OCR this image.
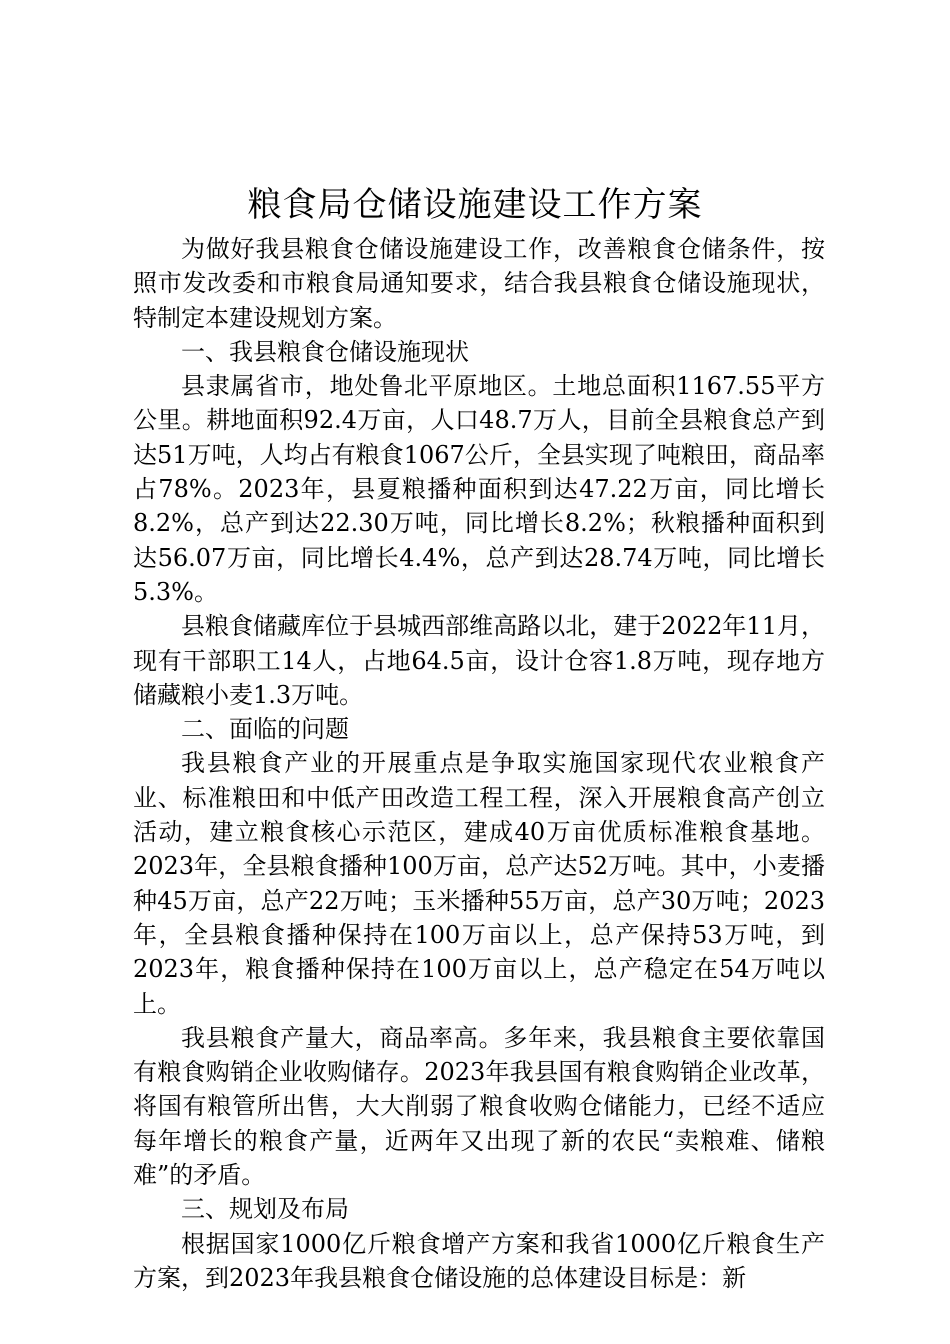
粮食局仓储设施建设工作方案

为做好我县粮食仓储设施建设工作，改善粮食仓储条件，按照市发改委和市粮食局通知要求，结合我县粮食仓储设施现状，特制定本建设规划方案。

一、我县粮食仓储设施现状

县隶属省市，地处鲁北平原地区。土地总面积1167.55平方公里。耕地面积92.4万亩，人口48.7万人，目前全县粮食总产到达51万吨，人均占有粮食1067公斤，全县实现了吨粮田，商品率占78%。2023年，县夏粮播种面积到达47.22万亩，同比增长8.2%，总产到达22.30万吨，同比增长8.2%；秋粮播种面积到达56.07万亩，同比增长4.4%，总产到达28.74万吨，同比增长5.3%。

县粮食储藏库位于县城西部维高路以北，建于2022年11月，现有干部职工14人，占地64.5亩，设计仓容1.8万吨，现存地方储藏粮小麦1.3万吨。

二、面临的问题

我县粮食产业的开展重点是争取实施国家现代农业粮食产业、标准粮田和中低产田改造工程工程，深入开展粮食高产创立活动，建立粮食核心示范区，建成40万亩优质标准粮食基地。2023年，全县粮食播种100万亩，总产达52万吨。其中，小麦播种45万亩，总产22万吨；玉米播种55万亩，总产30万吨；2023年，全县粮食播种保持在100万亩以上，总产保持53万吨，到2023年，粮食播种保持在100万亩以上，总产稳定在54万吨以上。

我县粮食产量大，商品率高。多年来，我县粮食主要依靠国有粮食购销企业收购储存。2023年我县国有粮食购销企业改革，将国有粮管所出售，大大削弱了粮食收购仓储能力，已经不适应每年增长的粮食产量，近两年又出现了新的农民“卖粮难、储粮难”的矛盾。

三、规划及布局

根据国家1000亿斤粮食增产方案和我省1000亿斤粮食生产方案，到2023年我县粮食仓储设施的总体建设目标是：新
